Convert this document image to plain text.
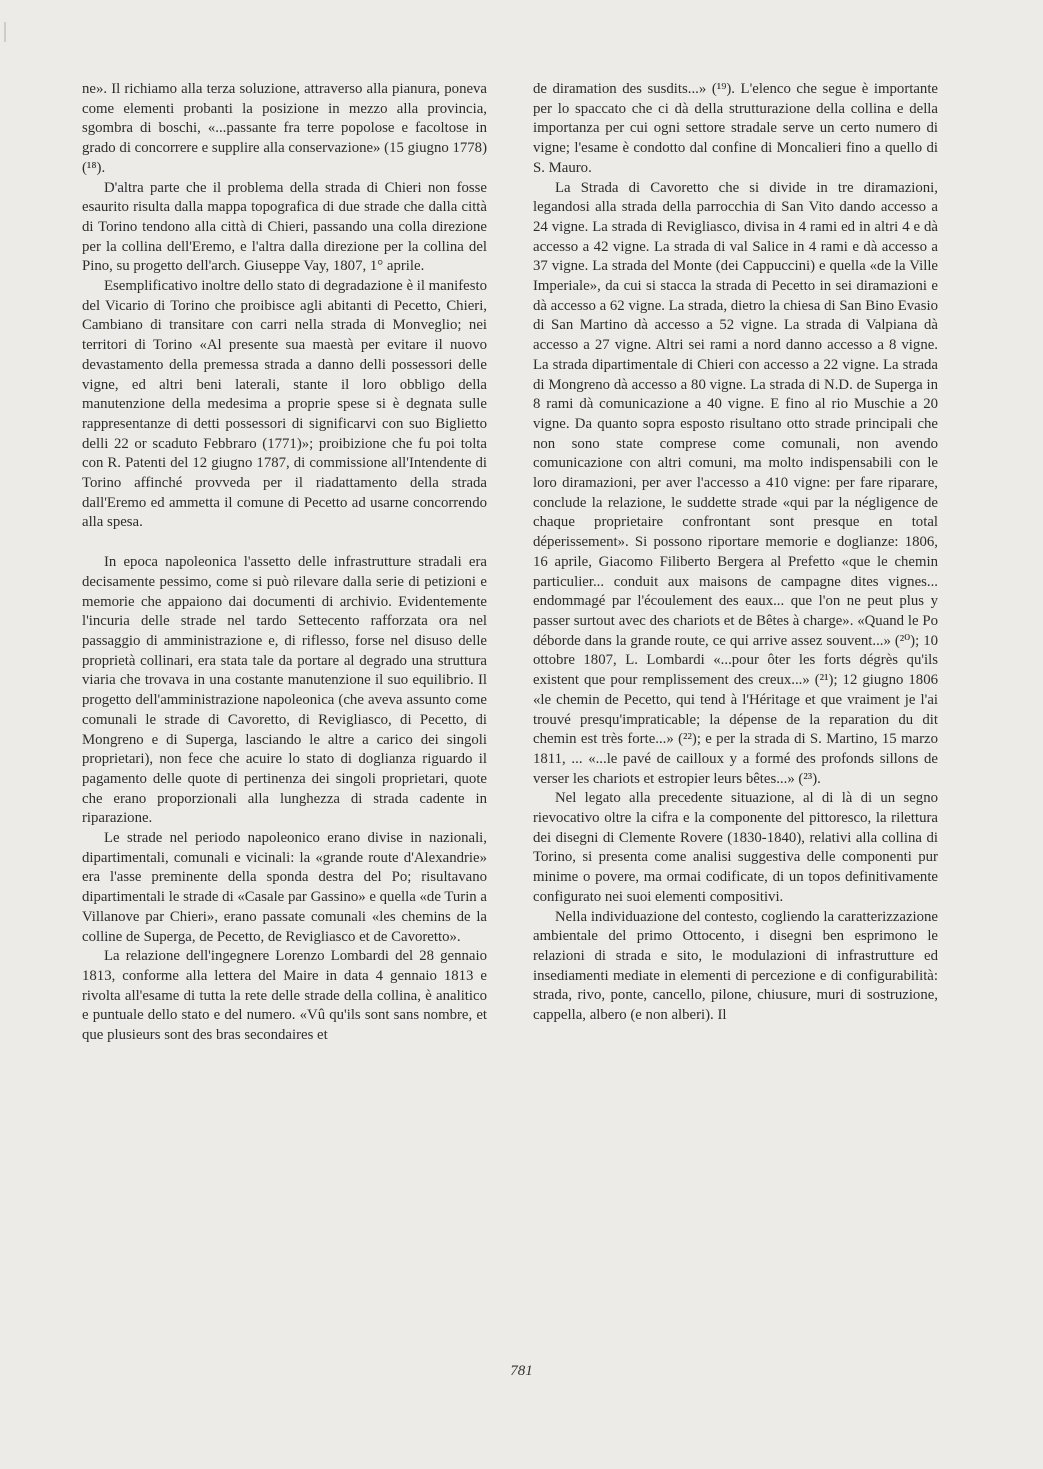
ne». Il richiamo alla terza soluzione, attraverso alla pianura, poneva come elementi probanti la posizione in mezzo alla provincia, sgombra di boschi, «...passante fra terre popolose e facoltose in grado di concorrere e supplire alla conservazione» (15 giugno 1778) (¹⁸).

D'altra parte che il problema della strada di Chieri non fosse esaurito risulta dalla mappa topografica di due strade che dalla città di Torino tendono alla città di Chieri, passando una colla direzione per la collina dell'Eremo, e l'altra dalla direzione per la collina del Pino, su progetto dell'arch. Giuseppe Vay, 1807, 1° aprile.

Esemplificativo inoltre dello stato di degradazione è il manifesto del Vicario di Torino che proibisce agli abitanti di Pecetto, Chieri, Cambiano di transitare con carri nella strada di Monveglio; nei territori di Torino «Al presente sua maestà per evitare il nuovo devastamento della premessa strada a danno delli possessori delle vigne, ed altri beni laterali, stante il loro obbligo della manutenzione della medesima a proprie spese si è degnata sulle rappresentanze di detti possessori di significarvi con suo Biglietto delli 22 or scaduto Febbraro (1771)»; proibizione che fu poi tolta con R. Patenti del 12 giugno 1787, di commissione all'Intendente di Torino affinché provveda per il riadattamento della strada dall'Eremo ed ammetta il comune di Pecetto ad usarne concorrendo alla spesa.

In epoca napoleonica l'assetto delle infrastrutture stradali era decisamente pessimo, come si può rilevare dalla serie di petizioni e memorie che appaiono dai documenti di archivio. Evidentemente l'incuria delle strade nel tardo Settecento rafforzata ora nel passaggio di amministrazione e, di riflesso, forse nel disuso delle proprietà collinari, era stata tale da portare al degrado una struttura viaria che trovava in una costante manutenzione il suo equilibrio. Il progetto dell'amministrazione napoleonica (che aveva assunto come comunali le strade di Cavoretto, di Revigliasco, di Pecetto, di Mongreno e di Superga, lasciando le altre a carico dei singoli proprietari), non fece che acuire lo stato di doglianza riguardo il pagamento delle quote di pertinenza dei singoli proprietari, quote che erano proporzionali alla lunghezza di strada cadente in riparazione.

Le strade nel periodo napoleonico erano divise in nazionali, dipartimentali, comunali e vicinali: la «grande route d'Alexandrie» era l'asse preminente della sponda destra del Po; risultavano dipartimentali le strade di «Casale par Gassino» e quella «de Turin a Villanove par Chieri», erano passate comunali «les chemins de la colline de Superga, de Pecetto, de Revigliasco et de Cavoretto».

La relazione dell'ingegnere Lorenzo Lombardi del 28 gennaio 1813, conforme alla lettera del Maire in data 4 gennaio 1813 e rivolta all'esame di tutta la rete delle strade della collina, è analitico e puntuale dello stato e del numero. «Vû qu'ils sont sans nombre, et que plusieurs sont des bras secondaires et

de diramation des susdits...» (¹⁹). L'elenco che segue è importante per lo spaccato che ci dà della strutturazione della collina e della importanza per cui ogni settore stradale serve un certo numero di vigne; l'esame è condotto dal confine di Moncalieri fino a quello di S. Mauro.

La Strada di Cavoretto che si divide in tre diramazioni, legandosi alla strada della parrocchia di San Vito dando accesso a 24 vigne. La strada di Revigliasco, divisa in 4 rami ed in altri 4 e dà accesso a 42 vigne. La strada di val Salice in 4 rami e dà accesso a 37 vigne. La strada del Monte (dei Cappuccini) e quella «de la Ville Imperiale», da cui si stacca la strada di Pecetto in sei diramazioni e dà accesso a 62 vigne. La strada, dietro la chiesa di San Bino Evasio di San Martino dà accesso a 52 vigne. La strada di Valpiana dà accesso a 27 vigne. Altri sei rami a nord danno accesso a 8 vigne. La strada dipartimentale di Chieri con accesso a 22 vigne. La strada di Mongreno dà accesso a 80 vigne. La strada di N.D. de Superga in 8 rami dà comunicazione a 40 vigne. E fino al rio Muschie a 20 vigne. Da quanto sopra esposto risultano otto strade principali che non sono state comprese come comunali, non avendo comunicazione con altri comuni, ma molto indispensabili con le loro diramazioni, per aver l'accesso a 410 vigne: per fare riparare, conclude la relazione, le suddette strade «qui par la négligence de chaque proprietaire confrontant sont presque en total déperissement». Si possono riportare memorie e doglianze: 1806, 16 aprile, Giacomo Filiberto Bergera al Prefetto «que le chemin particulier... conduit aux maisons de campagne dites vignes... endommagé par l'écoulement des eaux... que l'on ne peut plus y passer surtout avec des chariots et de Bêtes à charge». «Quand le Po déborde dans la grande route, ce qui arrive assez souvent...» (²⁰); 10 ottobre 1807, L. Lombardi «...pour ôter les forts dégrès qu'ils existent que pour remplissement des creux...» (²¹); 12 giugno 1806 «le chemin de Pecetto, qui tend à l'Héritage et que vraiment je l'ai trouvé presqu'impraticable; la dépense de la reparation du dit chemin est très forte...» (²²); e per la strada di S. Martino, 15 marzo 1811, ... «...le pavé de cailloux y a formé des profonds sillons de verser les chariots et estropier leurs bêtes...» (²³).

Nel legato alla precedente situazione, al di là di un segno rievocativo oltre la cifra e la componente del pittoresco, la rilettura dei disegni di Clemente Rovere (1830-1840), relativi alla collina di Torino, si presenta come analisi suggestiva delle componenti pur minime o povere, ma ormai codificate, di un topos definitivamente configurato nei suoi elementi compositivi.

Nella individuazione del contesto, cogliendo la caratterizzazione ambientale del primo Ottocento, i disegni ben esprimono le relazioni di strada e sito, le modulazioni di infrastrutture ed insediamenti mediate in elementi di percezione e di configurabilità: strada, rivo, ponte, cancello, pilone, chiusure, muri di sostruzione, cappella, albero (e non alberi). Il

781
